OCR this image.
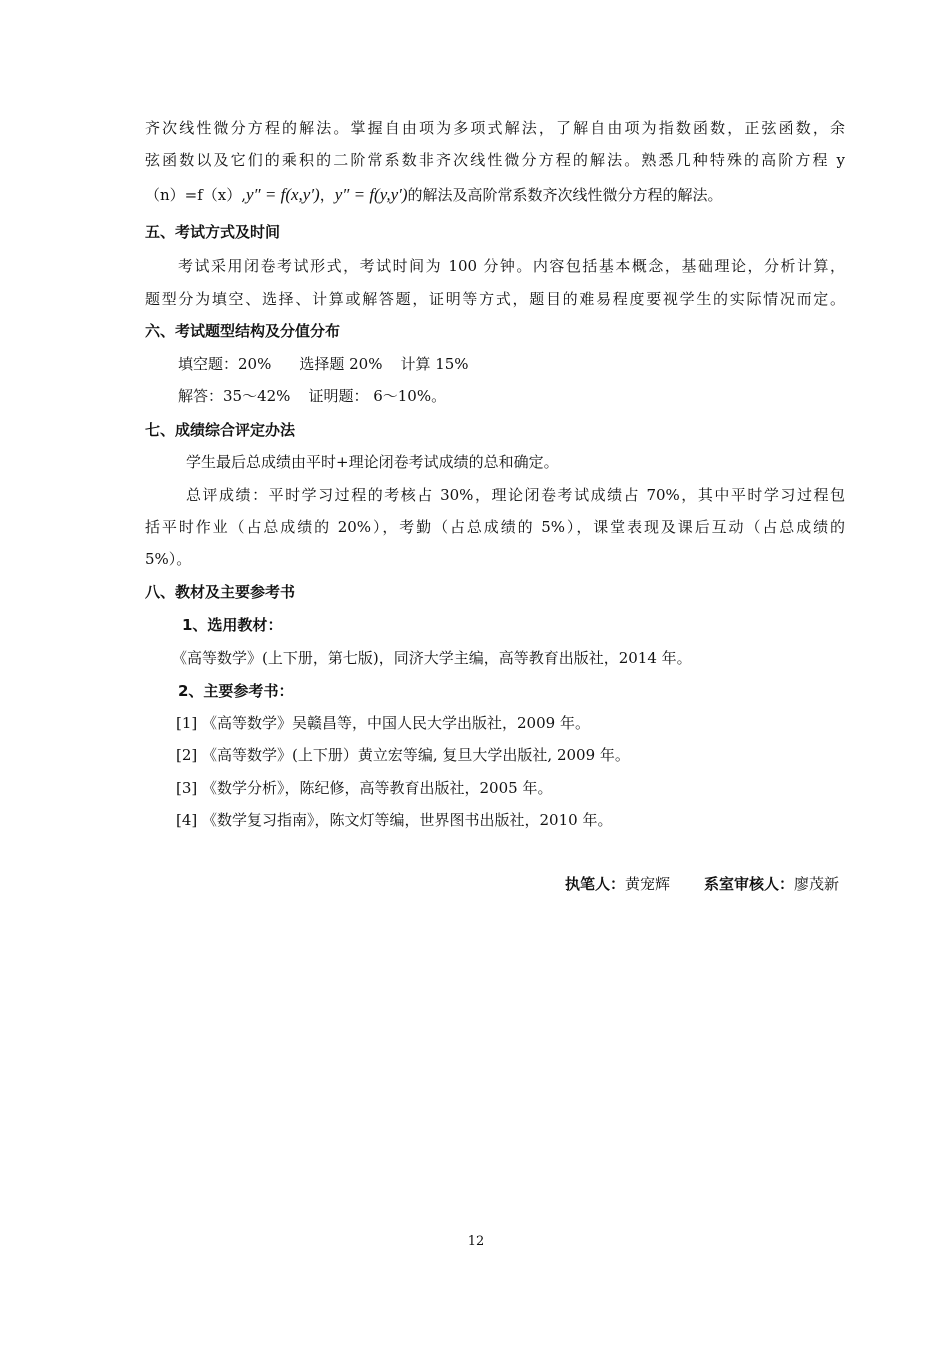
齐次线性微分方程的解法。掌握自由项为多项式解法，了解自由项为指数函数，正弦函数，余
弦函数以及它们的乘积的二阶常系数非齐次线性微分方程的解法。熟悉几种特殊的高阶方程 y
（n）=f（x）,y″ = f(x,y′)，y″ = f(y,y′)的解法及高阶常系数齐次线性微分方程的解法。
五、考试方式及时间
考试采用闭卷考试形式，考试时间为 100 分钟。内容包括基本概念，基础理论，分析计算，
题型分为填空、选择、计算或解答题，证明等方式，题目的难易程度要视学生的实际情况而定。
六、考试题型结构及分值分布
填空题：20% 选择题 20% 计算 15%
解答：35～42% 证明题： 6～10%。
七、成绩综合评定办法
学生最后总成绩由平时+理论闭卷考试成绩的总和确定。
总评成绩：平时学习过程的考核占 30%，理论闭卷考试成绩占 70%，其中平时学习过程包
括平时作业（占总成绩的 20%），考勤（占总成绩的 5%），课堂表现及课后互动（占总成绩的
5%）。
八、教材及主要参考书
1、选用教材：
《高等数学》(上下册，第七版)，同济大学主编，高等教育出版社，2014 年。
2、主要参考书：
[1] 《高等数学》吴赣昌等，中国人民大学出版社，2009 年。
[2] 《高等数学》(上下册）黄立宏等编, 复旦大学出版社, 2009 年。
[3] 《数学分析》，陈纪修，高等教育出版社，2005 年。
[4] 《数学复习指南》，陈文灯等编，世界图书出版社，2010 年。
执笔人：黄宠辉 系室审核人：廖茂新
12
